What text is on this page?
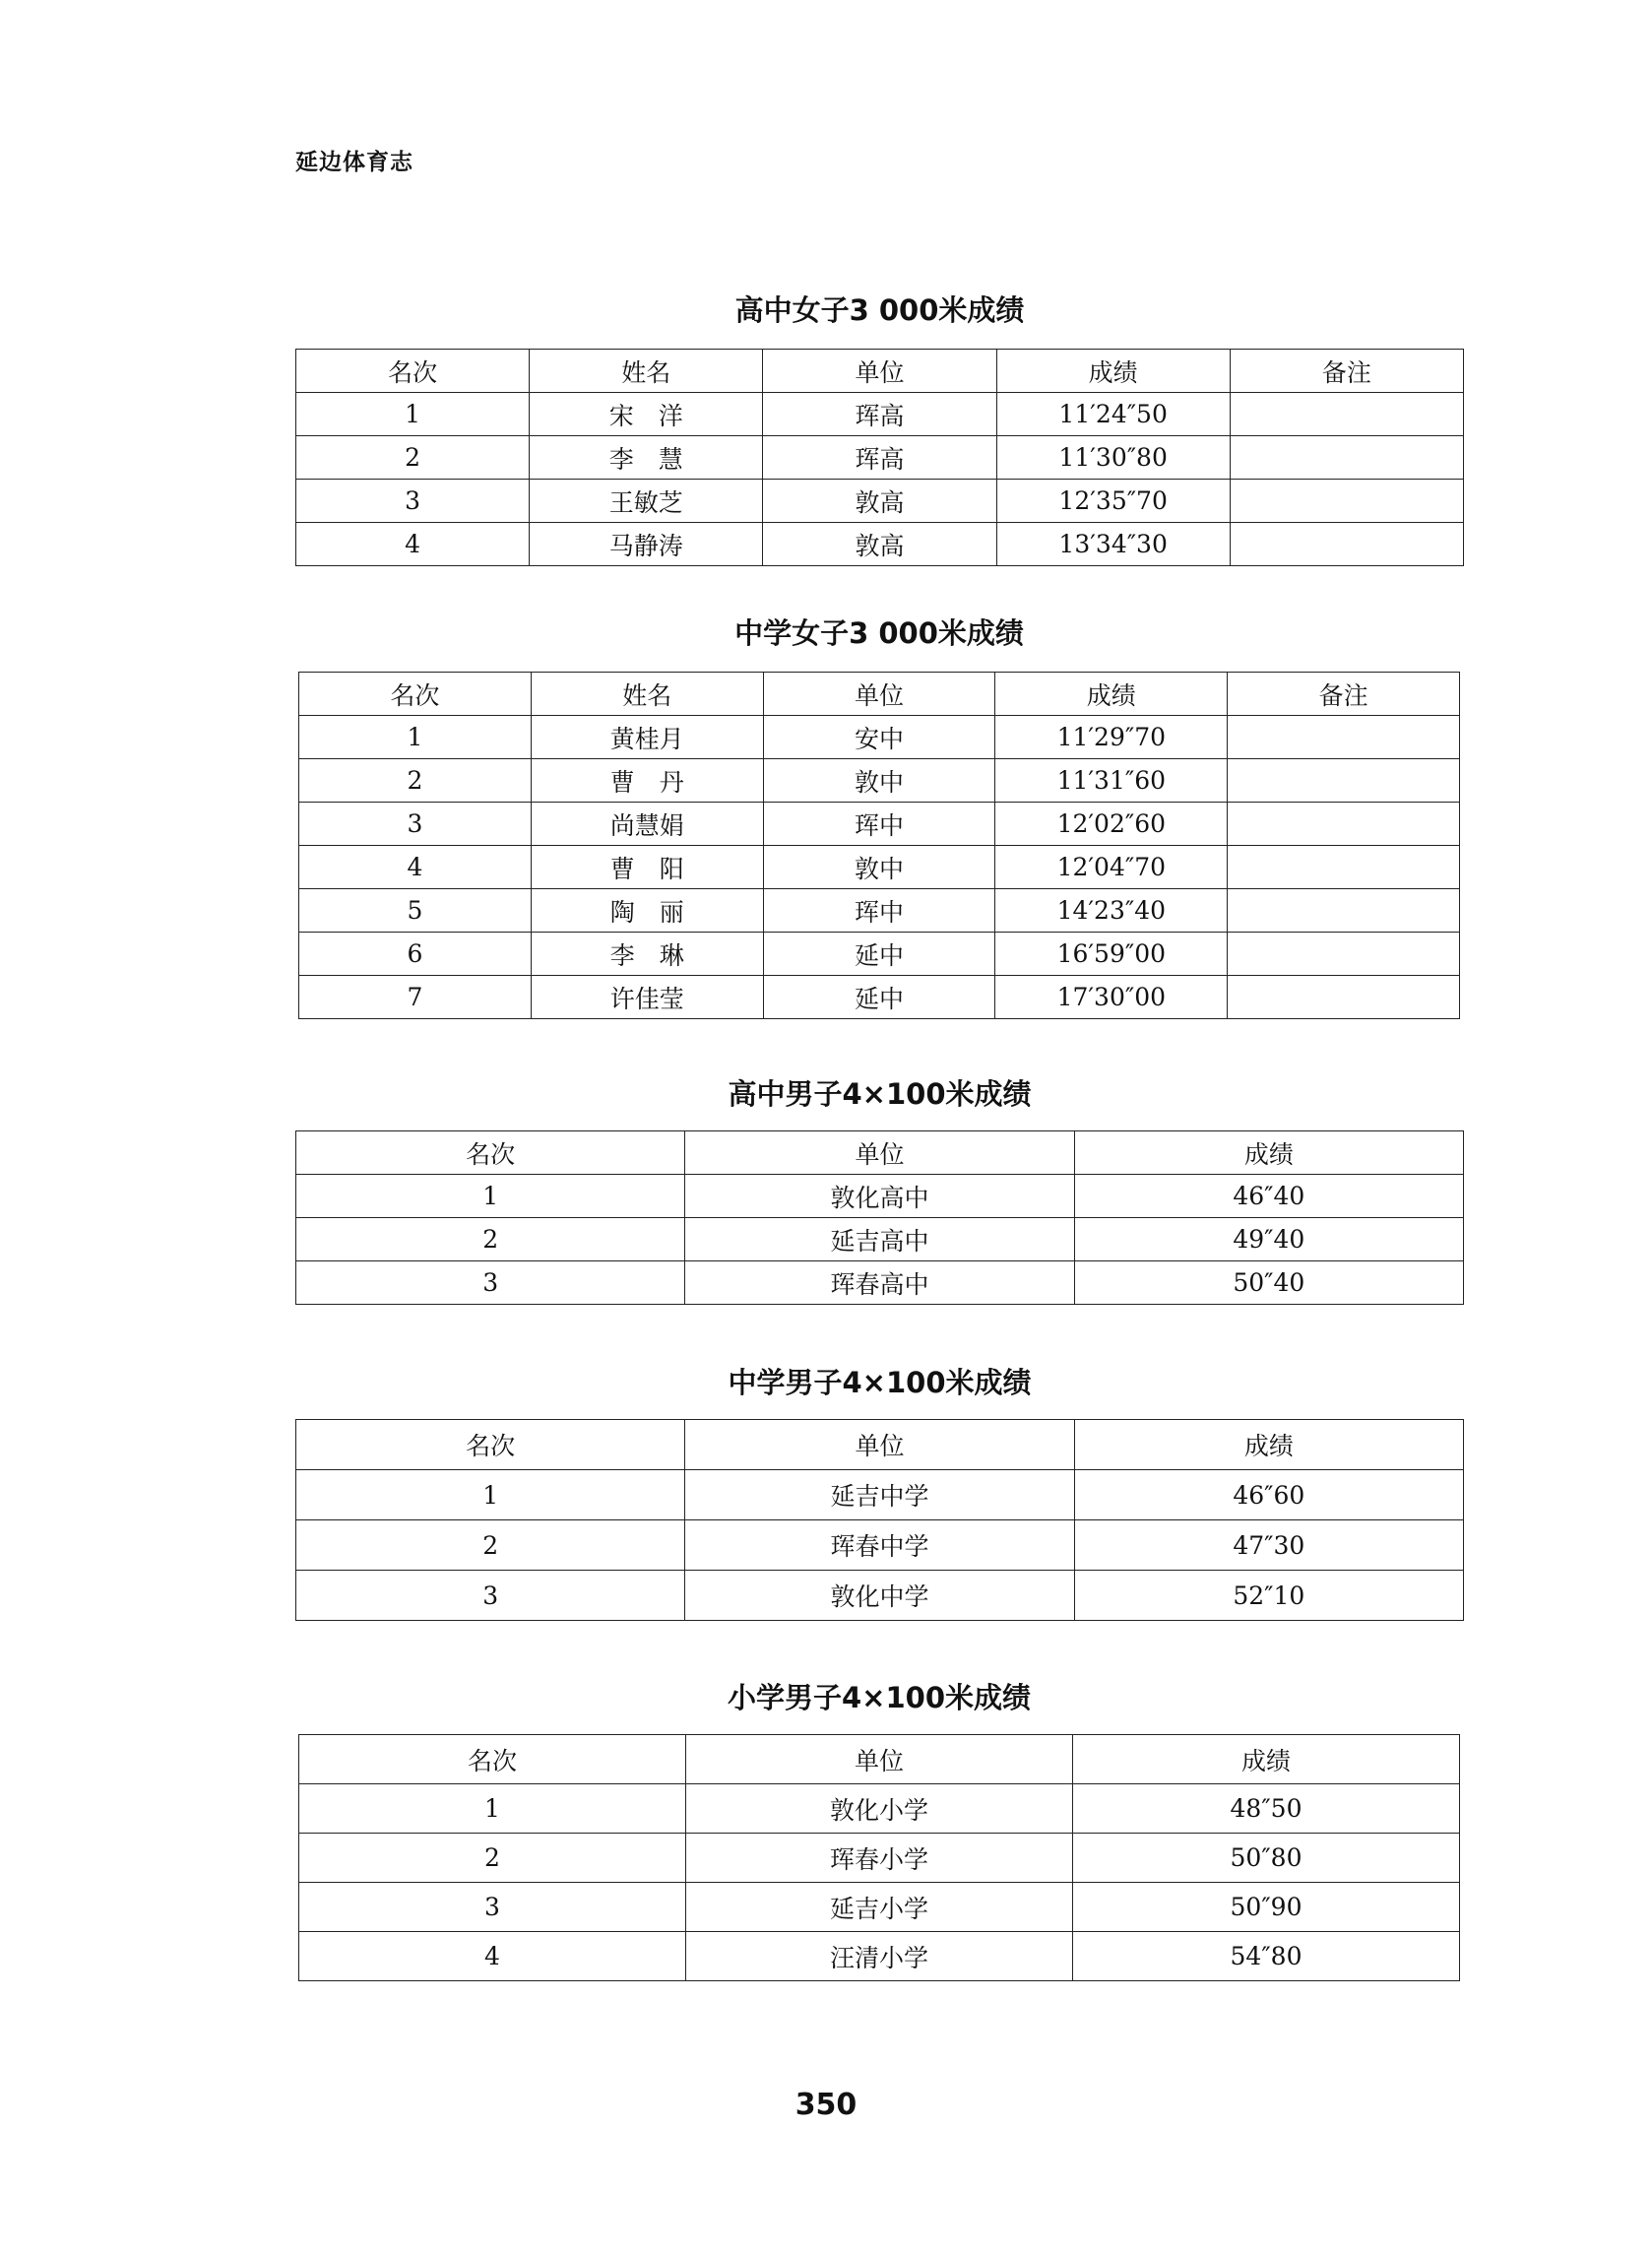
延边体育志
高中女子3 000米成绩
名次	姓名	单位	成绩	备注
1	宋　洋	珲高	11′24″50	
2	李　慧	珲高	11′30″80	
3	王敏芝	敦高	12′35″70	
4	马静涛	敦高	13′34″30	
中学女子3 000米成绩
名次	姓名	单位	成绩	备注
1	黄桂月	安中	11′29″70	
2	曹　丹	敦中	11′31″60	
3	尚慧娟	珲中	12′02″60	
4	曹　阳	敦中	12′04″70	
5	陶　丽	珲中	14′23″40	
6	李　琳	延中	16′59″00	
7	许佳莹	延中	17′30″00	
高中男子4×100米成绩
名次	单位	成绩
1	敦化高中	46″40
2	延吉高中	49″40
3	珲春高中	50″40
中学男子4×100米成绩
名次	单位	成绩
1	延吉中学	46″60
2	珲春中学	47″30
3	敦化中学	52″10
小学男子4×100米成绩
名次	单位	成绩
1	敦化小学	48″50
2	珲春小学	50″80
3	延吉小学	50″90
4	汪清小学	54″80
350
